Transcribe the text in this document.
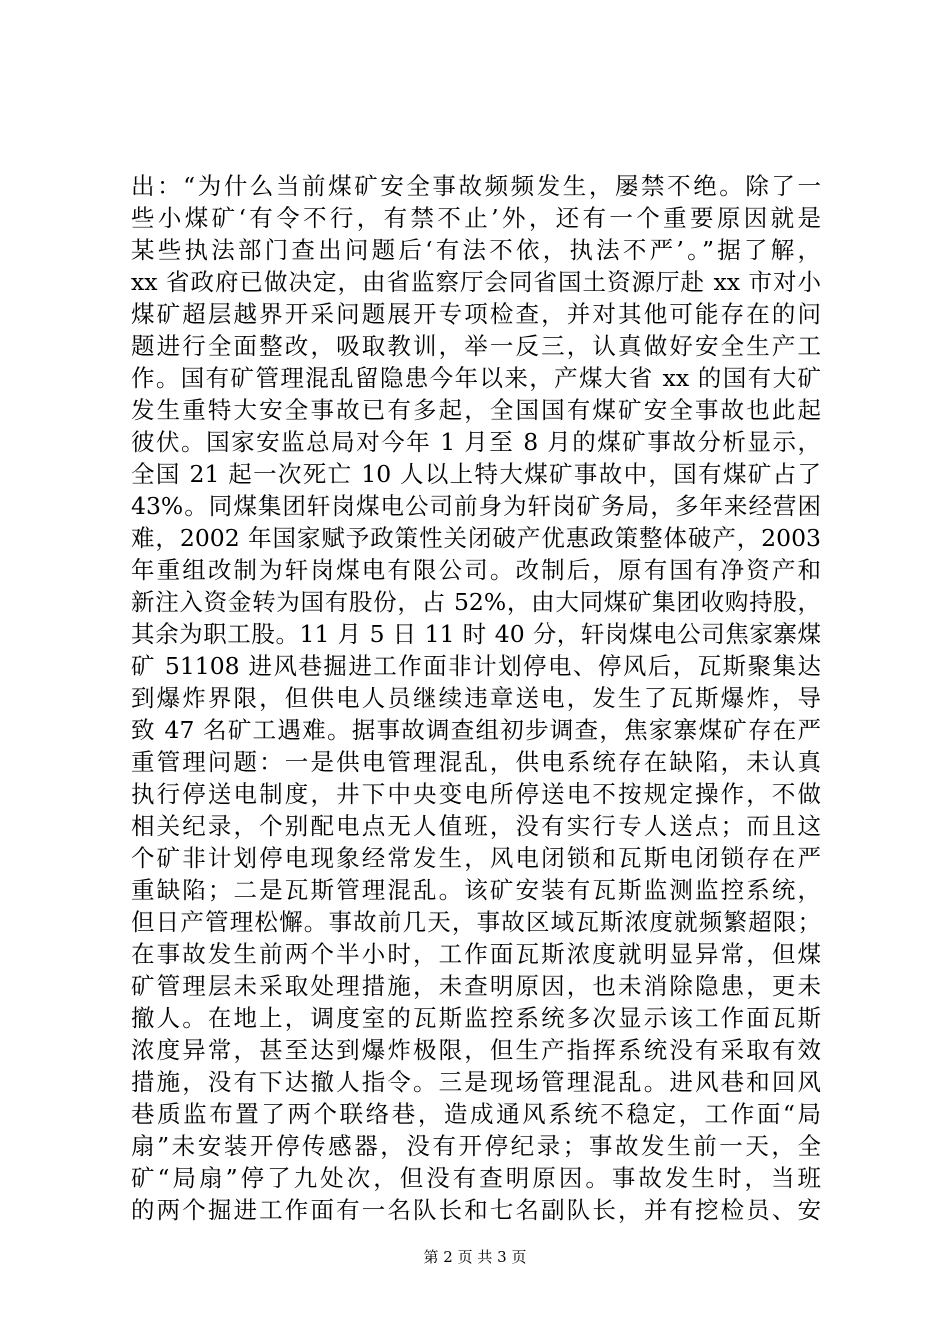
出：“为什么当前煤矿安全事故频频发生，屡禁不绝。除了一
些小煤矿‘有令不行，有禁不止’外，还有一个重要原因就是
某些执法部门查出问题后‘有法不依，执法不严’。”据了解，
xx 省政府已做决定，由省监察厅会同省国土资源厅赴 xx 市对小
煤矿超层越界开采问题展开专项检查，并对其他可能存在的问
题进行全面整改，吸取教训，举一反三，认真做好安全生产工
作。国有矿管理混乱留隐患今年以来，产煤大省 xx 的国有大矿
发生重特大安全事故已有多起，全国国有煤矿安全事故也此起
彼伏。国家安监总局对今年 1 月至 8 月的煤矿事故分析显示，
全国 21 起一次死亡 10 人以上特大煤矿事故中，国有煤矿占了
43%。同煤集团轩岗煤电公司前身为轩岗矿务局，多年来经营困
难，2002 年国家赋予政策性关闭破产优惠政策整体破产，2003
年重组改制为轩岗煤电有限公司。改制后，原有国有净资产和
新注入资金转为国有股份，占 52%，由大同煤矿集团收购持股，
其余为职工股。11 月 5 日 11 时 40 分，轩岗煤电公司焦家寨煤
矿 51108 进风巷掘进工作面非计划停电、停风后，瓦斯聚集达
到爆炸界限，但供电人员继续违章送电，发生了瓦斯爆炸，导
致 47 名矿工遇难。据事故调查组初步调查，焦家寨煤矿存在严
重管理问题：一是供电管理混乱，供电系统存在缺陷，未认真
执行停送电制度，井下中央变电所停送电不按规定操作，不做
相关纪录，个别配电点无人值班，没有实行专人送点；而且这
个矿非计划停电现象经常发生，风电闭锁和瓦斯电闭锁存在严
重缺陷；二是瓦斯管理混乱。该矿安装有瓦斯监测监控系统，
但日产管理松懈。事故前几天，事故区域瓦斯浓度就频繁超限；
在事故发生前两个半小时，工作面瓦斯浓度就明显异常，但煤
矿管理层未采取处理措施，未查明原因，也未消除隐患，更未
撤人。在地上，调度室的瓦斯监控系统多次显示该工作面瓦斯
浓度异常，甚至达到爆炸极限，但生产指挥系统没有采取有效
措施，没有下达撤人指令。三是现场管理混乱。进风巷和回风
巷质监布置了两个联络巷，造成通风系统不稳定，工作面“局
扇”未安装开停传感器，没有开停纪录；事故发生前一天，全
矿“局扇”停了九处次，但没有查明原因。事故发生时，当班
的两个掘进工作面有一名队长和七名副队长，并有挖检员、安
第 2 页 共 3 页
